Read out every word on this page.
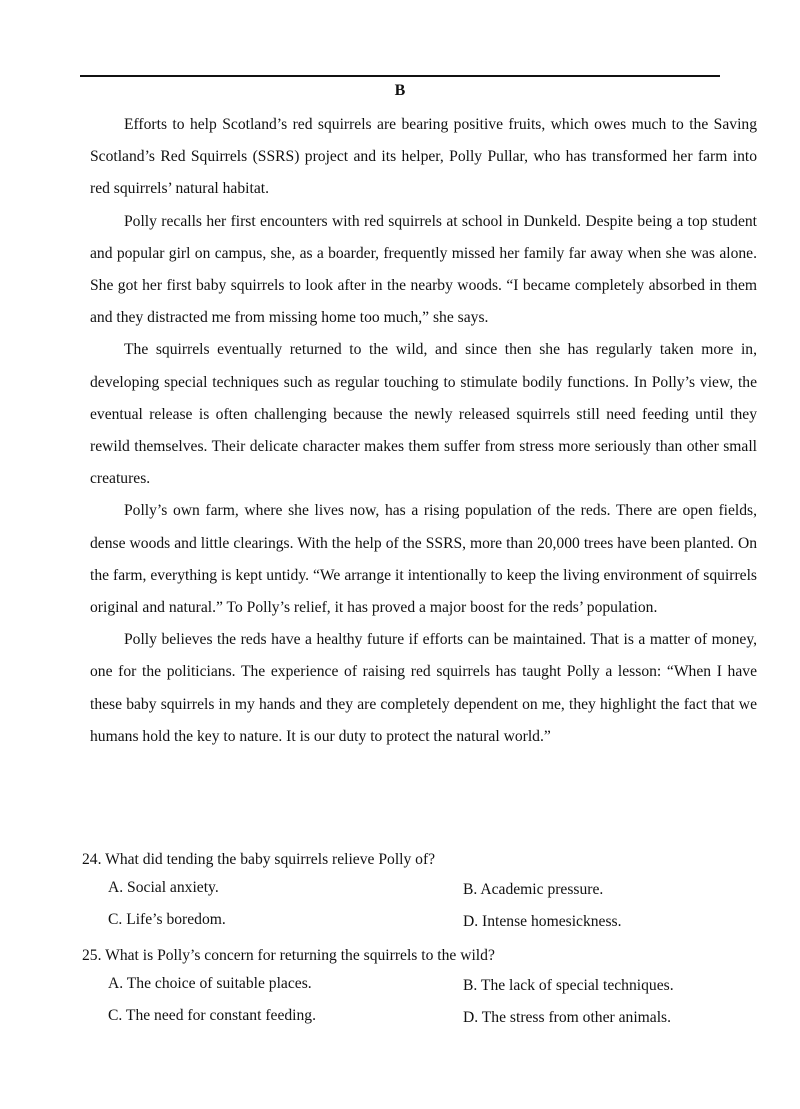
B

Efforts to help Scotland’s red squirrels are bearing positive fruits, which owes much to the Saving Scotland’s Red Squirrels (SSRS) project and its helper, Polly Pullar, who has transformed her farm into red squirrels’ natural habitat.

Polly recalls her first encounters with red squirrels at school in Dunkeld. Despite being a top student and popular girl on campus, she, as a boarder, frequently missed her family far away when she was alone. She got her first baby squirrels to look after in the nearby woods. “I became completely absorbed in them and they distracted me from missing home too much,” she says.

The squirrels eventually returned to the wild, and since then she has regularly taken more in, developing special techniques such as regular touching to stimulate bodily functions. In Polly’s view, the eventual release is often challenging because the newly released squirrels still need feeding until they rewild themselves. Their delicate character makes them suffer from stress more seriously than other small creatures.

Polly’s own farm, where she lives now, has a rising population of the reds. There are open fields, dense woods and little clearings. With the help of the SSRS, more than 20,000 trees have been planted. On the farm, everything is kept untidy. “We arrange it intentionally to keep the living environment of squirrels original and natural.” To Polly’s relief, it has proved a major boost for the reds’ population.

Polly believes the reds have a healthy future if efforts can be maintained. That is a matter of money, one for the politicians. The experience of raising red squirrels has taught Polly a lesson: “When I have these baby squirrels in my hands and they are completely dependent on me, they highlight the fact that we humans hold the key to nature. It is our duty to protect the natural world.”

24. What did tending the baby squirrels relieve Polly of?
A. Social anxiety.	B. Academic pressure.
C. Life’s boredom.	D. Intense homesickness.
25. What is Polly’s concern for returning the squirrels to the wild?
A. The choice of suitable places.	B. The lack of special techniques.
C. The need for constant feeding.	D. The stress from other animals.
